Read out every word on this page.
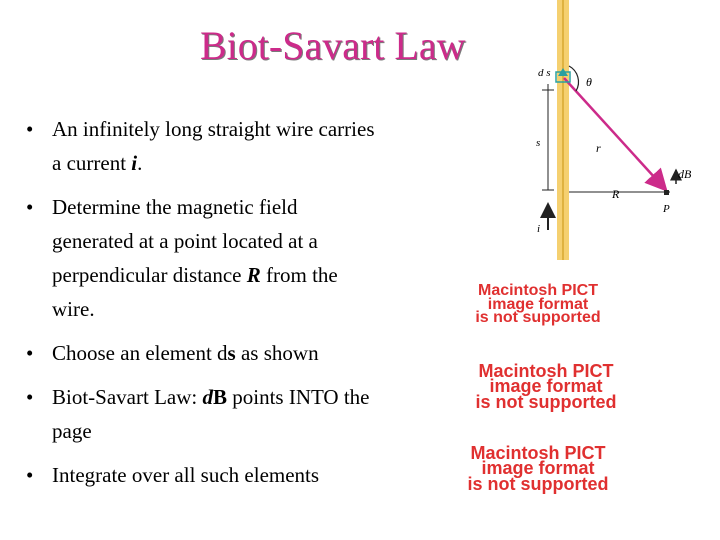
Biot-Savart Law
• An infinitely long straight wire carries a current i.
• Determine the magnetic field generated at a point located at a perpendicular distance R from the wire.
• Choose an element ds as shown
• Biot-Savart Law: dB points INTO the page
• Integrate over all such elements
d s
θ
s	r
R
dB
P
i
Macintosh PICT
image format
is not supported
Macintosh PICT
image format
is not supported
Macintosh PICT
image format
is not supported
